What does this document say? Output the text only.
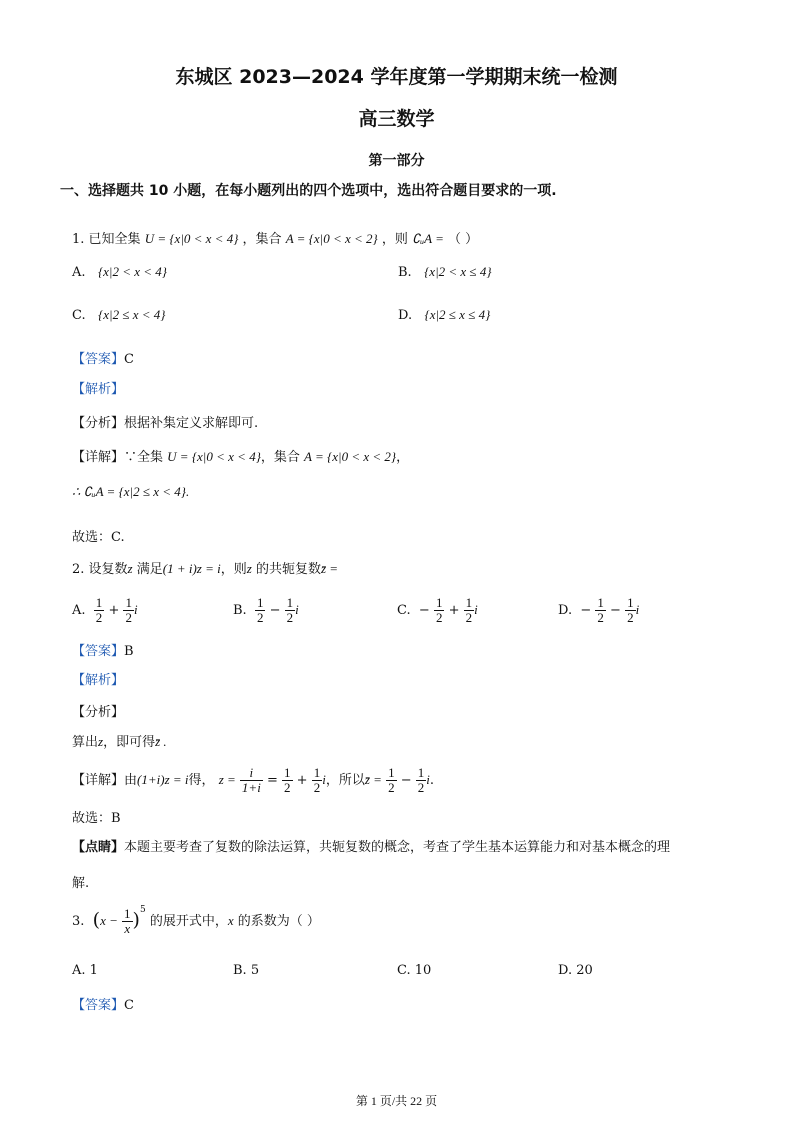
东城区 2023—2024 学年度第一学期期末统一检测
高三数学
第一部分
一、选择题共 10 小题，在每小题列出的四个选项中，选出符合题目要求的一项.
1. 已知全集 U = {x|0 < x < 4} ，集合 A = {x|0 < x < 2} ，则 ∁ᵤA = （ ）
A. {x|2 < x < 4}	B. {x|2 < x ≤ 4}
C. {x|2 ≤ x < 4}	D. {x|2 ≤ x ≤ 4}
【答案】C
【解析】
【分析】根据补集定义求解即可.
【详解】∵全集 U = {x|0 < x < 4}，集合 A = {x|0 < x < 2}，
∴ ∁ᵤA = {x|2 ≤ x < 4}.
故选：C.
2. 设复数z 满足(1 + i)z = i，则z 的共轭复数z̄ =
A. $\frac{1}{2} + \frac{1}{2}$ i	B. $\frac{1}{2} - \frac{1}{2}$ i	C. − $\frac{1}{2} + \frac{1}{2}$ i	D. − $\frac{1}{2} - \frac{1}{2}$ i
【答案】B
【解析】
【分析】
算出z，即可得z̄ .
【详解】由(1+i)z = i得， $z = \frac{i}{1+i} = \frac{1}{2} + \frac{1}{2}$ i，所以z̄ = $\frac{1}{2} - \frac{1}{2} i$.
故选：B
【点睛】本题主要考查了复数的除法运算，共轭复数的概念，考查了学生基本运算能力和对基本概念的理
解.
3. $(x - \frac{1}{x} )^5$ 的展开式中，x 的系数为（ ）
A. 1	B. 5	C. 10	D. 20
【答案】C
第 1 页/共 22 页
